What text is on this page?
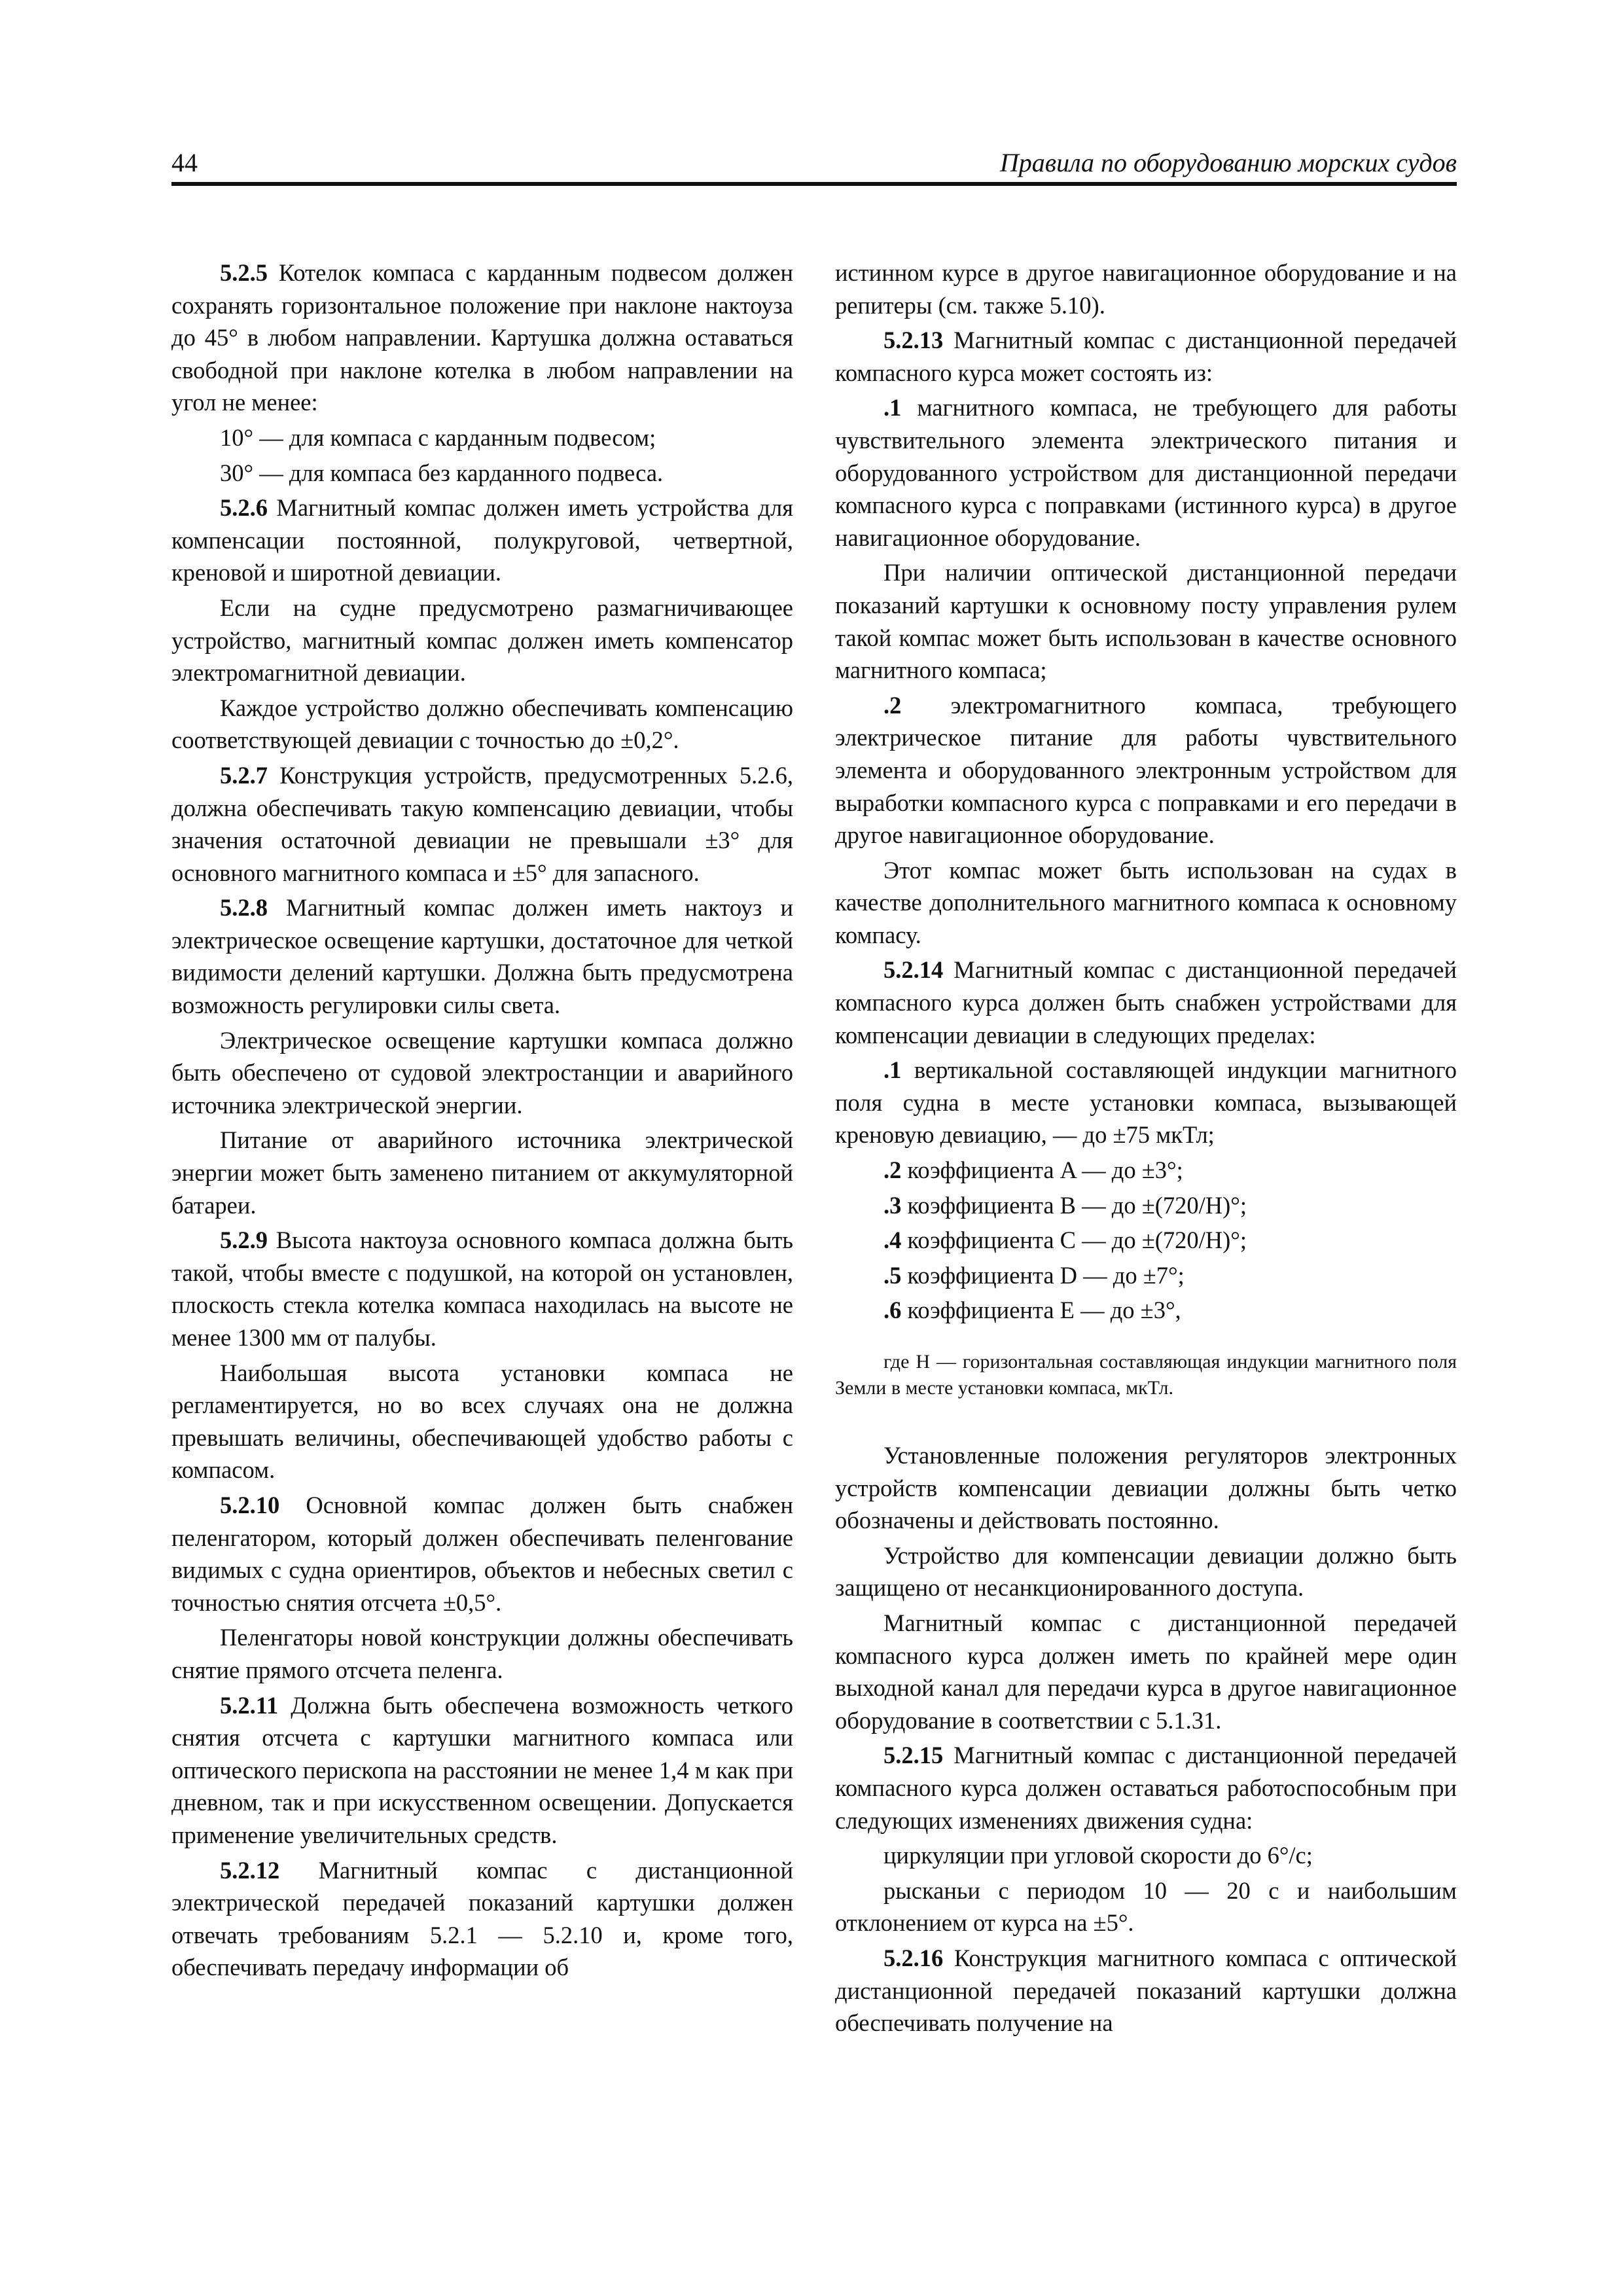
44	Правила по оборудованию морских судов

5.2.5 Котелок компаса с карданным подвесом должен сохранять горизонтальное положение при наклоне нактоуза до 45° в любом направлении. Картушка должна оставаться свободной при наклоне котелка в любом направлении на угол не менее:

10° — для компаса с карданным подвесом;

30° — для компаса без карданного подвеса.

5.2.6 Магнитный компас должен иметь устройства для компенсации постоянной, полукруговой, четвертной, креновой и широтной девиации.

Если на судне предусмотрено размагничивающее устройство, магнитный компас должен иметь компенсатор электромагнитной девиации.

Каждое устройство должно обеспечивать компенсацию соответствующей девиации с точностью до ±0,2°.

5.2.7 Конструкция устройств, предусмотренных 5.2.6, должна обеспечивать такую компенсацию девиации, чтобы значения остаточной девиации не превышали ±3° для основного магнитного компаса и ±5° для запасного.

5.2.8 Магнитный компас должен иметь нактоуз и электрическое освещение картушки, достаточное для четкой видимости делений картушки. Должна быть предусмотрена возможность регулировки силы света.

Электрическое освещение картушки компаса должно быть обеспечено от судовой электростанции и аварийного источника электрической энергии.

Питание от аварийного источника электрической энергии может быть заменено питанием от аккумуляторной батареи.

5.2.9 Высота нактоуза основного компаса должна быть такой, чтобы вместе с подушкой, на которой он установлен, плоскость стекла котелка компаса находилась на высоте не менее 1300 мм от палубы.

Наибольшая высота установки компаса не регламентируется, но во всех случаях она не должна превышать величины, обеспечивающей удобство работы с компасом.

5.2.10 Основной компас должен быть снабжен пеленгатором, который должен обеспечивать пеленгование видимых с судна ориентиров, объектов и небесных светил с точностью снятия отсчета ±0,5°.

Пеленгаторы новой конструкции должны обеспечивать снятие прямого отсчета пеленга.

5.2.11 Должна быть обеспечена возможность четкого снятия отсчета с картушки магнитного компаса или оптического перископа на расстоянии не менее 1,4 м как при дневном, так и при искусственном освещении. Допускается применение увеличительных средств.

5.2.12 Магнитный компас с дистанционной электрической передачей показаний картушки должен отвечать требованиям 5.2.1 — 5.2.10 и, кроме того, обеспечивать передачу информации об

истинном курсе в другое навигационное оборудование и на репитеры (см. также 5.10).

5.2.13 Магнитный компас с дистанционной передачей компасного курса может состоять из:

.1 магнитного компаса, не требующего для работы чувствительного элемента электрического питания и оборудованного устройством для дистанционной передачи компасного курса с поправками (истинного курса) в другое навигационное оборудование.

При наличии оптической дистанционной передачи показаний картушки к основному посту управления рулем такой компас может быть использован в качестве основного магнитного компаса;

.2 электромагнитного компаса, требующего электрическое питание для работы чувствительного элемента и оборудованного электронным устройством для выработки компасного курса с поправками и его передачи в другое навигационное оборудование.

Этот компас может быть использован на судах в качестве дополнительного магнитного компаса к основному компасу.

5.2.14 Магнитный компас с дистанционной передачей компасного курса должен быть снабжен устройствами для компенсации девиации в следующих пределах:

.1 вертикальной составляющей индукции магнитного поля судна в месте установки компаса, вызывающей креновую девиацию, — до ±75 мкТл;

.2 коэффициента A — до ±3°;

.3 коэффициента B — до ±(720/H)°;

.4 коэффициента C — до ±(720/H)°;

.5 коэффициента D — до ±7°;

.6 коэффициента E — до ±3°,

где H — горизонтальная составляющая индукции магнитного поля Земли в месте установки компаса, мкТл.

Установленные положения регуляторов электронных устройств компенсации девиации должны быть четко обозначены и действовать постоянно.

Устройство для компенсации девиации должно быть защищено от несанкционированного доступа.

Магнитный компас с дистанционной передачей компасного курса должен иметь по крайней мере один выходной канал для передачи курса в другое навигационное оборудование в соответствии с 5.1.31.

5.2.15 Магнитный компас с дистанционной передачей компасного курса должен оставаться работоспособным при следующих изменениях движения судна:

циркуляции при угловой скорости до 6°/с;

рысканьи с периодом 10 — 20 с и наибольшим отклонением от курса на ±5°.

5.2.16 Конструкция магнитного компаса с оптической дистанционной передачей показаний картушки должна обеспечивать получение на
